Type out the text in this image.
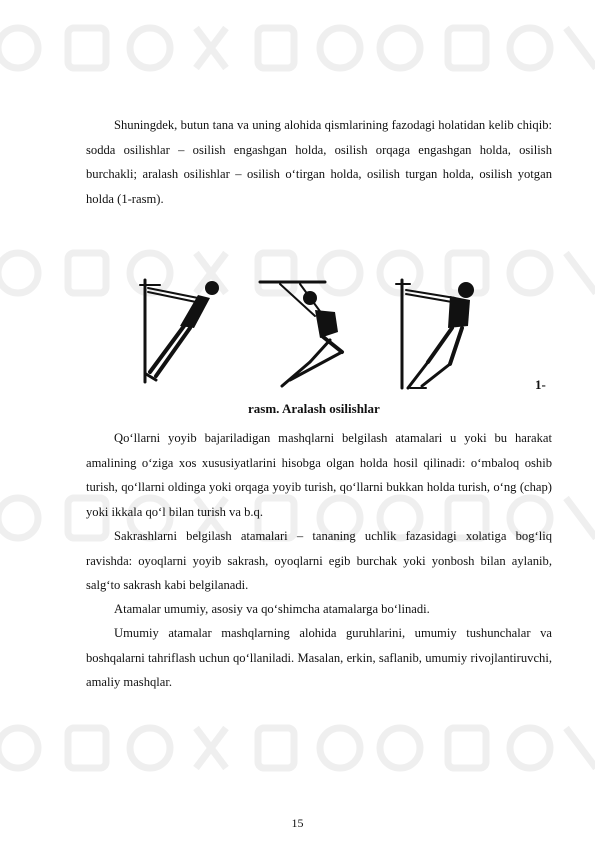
Shuningdek, butun tana va uning alohida qismlarining fazodagi holatidan kelib chiqib: sodda osilishlar – osilish engashgan holda, osilish orqaga engashgan holda, osilish burchakli; aralash osilishlar – osilish o‘tirgan holda, osilish turgan holda, osilish yotgan holda (1-rasm).

1-
rasm. Aralash osilishlar

Qo‘llarni yoyib bajariladigan mashqlarni belgilash atamalari u yoki bu harakat amalining o‘ziga xos xususiyatlarini hisobga olgan holda hosil qilinadi: o‘mbaloq oshib turish, qo‘llarni oldinga yoki orqaga yoyib turish, qo‘llarni bukkan holda turish, o‘ng (chap) yoki ikkala qo‘l bilan turish va b.q.

Sakrashlarni belgilash atamalari – tananing uchlik fazasidagi xolatiga bog‘liq ravishda: oyoqlarni yoyib sakrash, oyoqlarni egib burchak yoki yonbosh bilan aylanib, salg‘to sakrash kabi belgilanadi.

Atamalar umumiy, asosiy va qo‘shimcha atamalarga bo‘linadi.

Umumiy atamalar mashqlarning alohida guruhlarini, umumiy tushunchalar va boshqalarni tahriflash uchun qo‘llaniladi. Masalan, erkin, saflanib, umumiy rivojlantiruvchi, amaliy mashqlar.

15
